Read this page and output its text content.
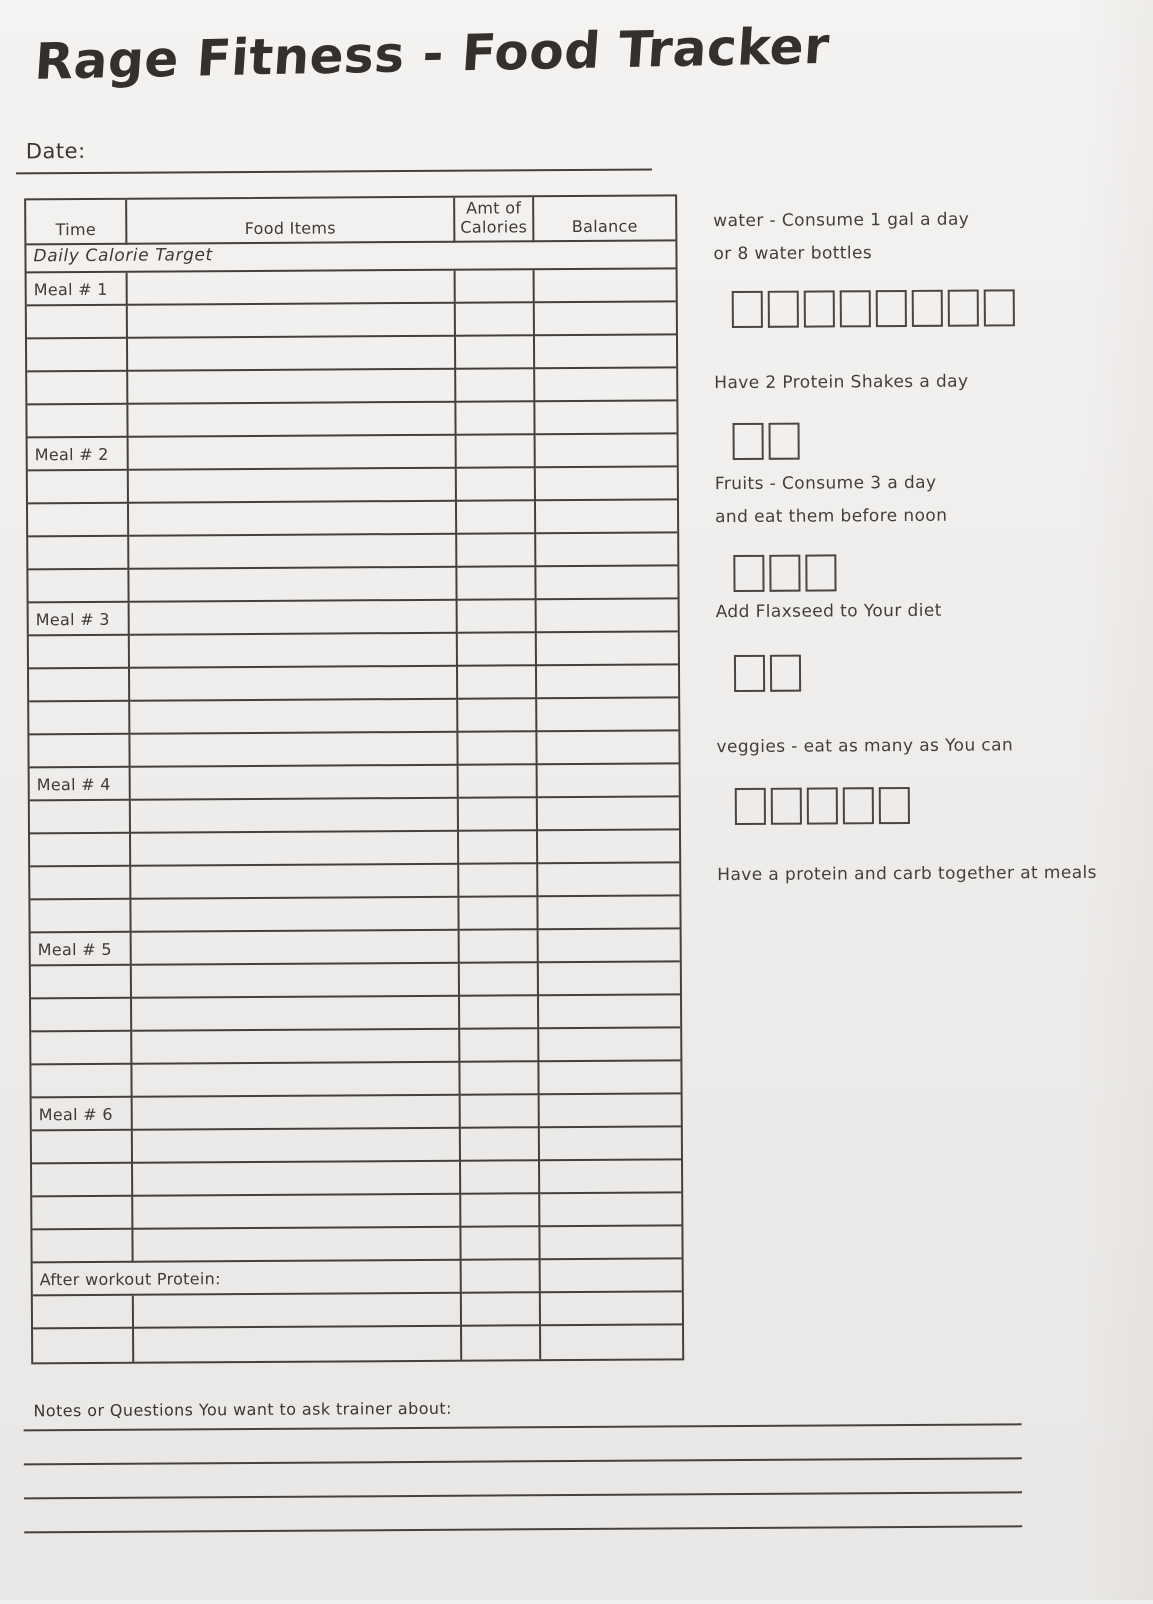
Rage Fitness - Food Tracker
Date:
Time	Food Items
Amt of
Calories	Balance
Daily Calorie Target
Meal # 1
Meal # 2
Meal # 3
Meal # 4
Meal # 5
Meal # 6
After workout Protein:
water - Consume 1 gal a day
or 8 water bottles
Have 2 Protein Shakes a day
Fruits - Consume 3 a day
and eat them before noon
Add Flaxseed to Your diet
veggies - eat as many as You can
Have a protein and carb together at meals
Notes or Questions You want to ask trainer about:
